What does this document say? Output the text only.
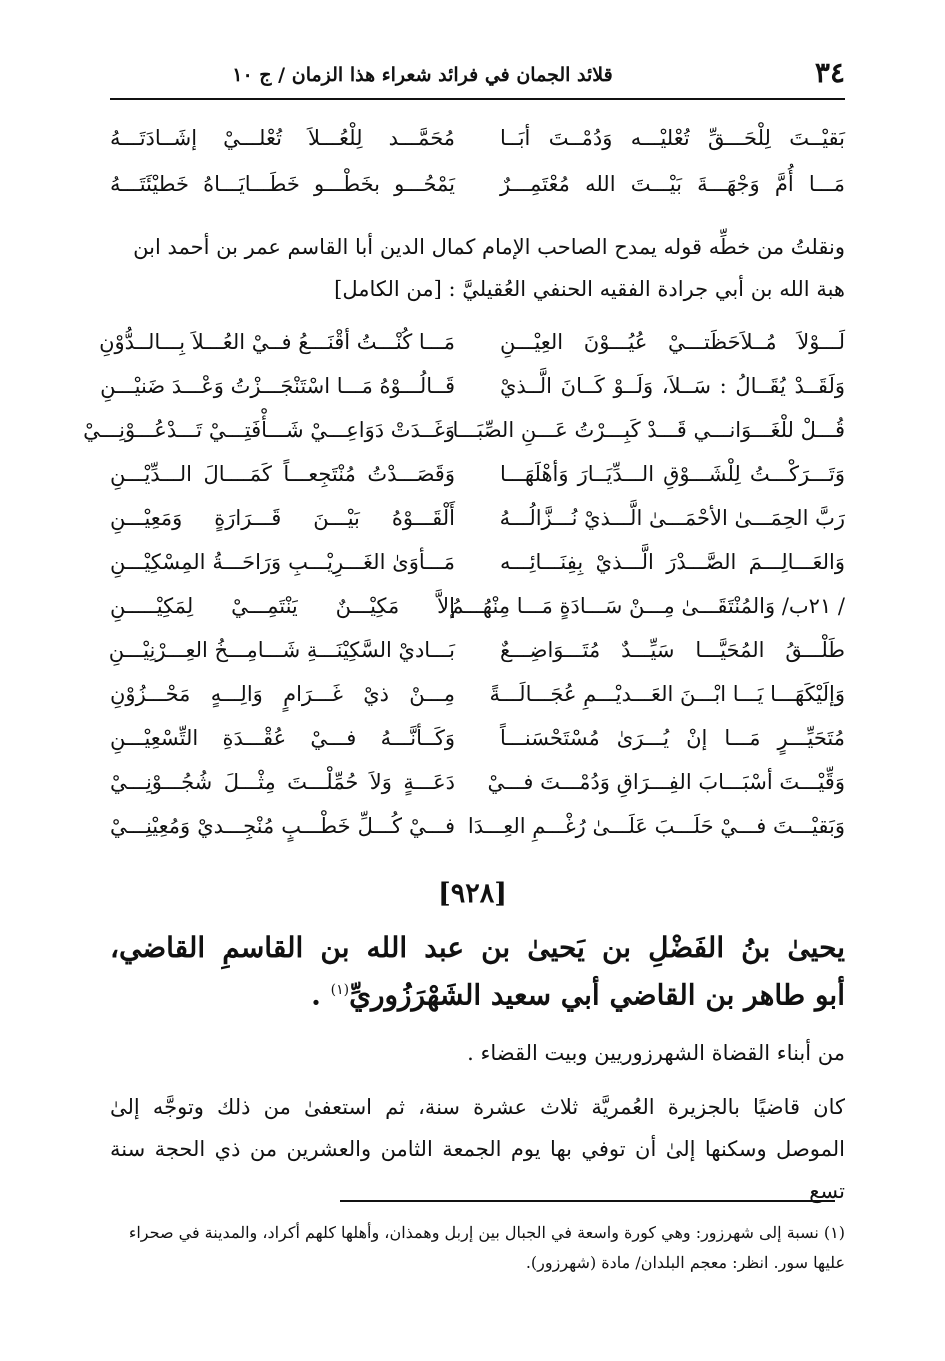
٣٤
قلائد الجمان في فرائد شعراء هذا الزمان / ج ١٠
بَقيْــتَ لِلْحَـــقِّ تُعْليْـــه وَدُمْــتَ أبَــا
مُحَمَّـــد لِلْعُـــلاَ تُعْلـــيْ إشَــادَتَـــهُ
مَـــا أُمَّ وَجْهَـــةَ بَيْـــتَ الله مُعْتَمِـــرٌ
يَمْحُـــو بخَطْـــو خَطَـــايَـــاهُ خَطيْئَتَـــهُ
ونقلتُ من خطِّه قوله يمدح الصاحب الإمام كمال الدين أبا القاسم عمر بن أحمد ابن
هبة الله بن أبي جرادة الفقيه الحنفي العُقيليَّ : [من الكامل]
لَـــوْلاَ مُــلاَحَظَتـــيْ عُيُـــوْنَ العِيْـــنِ
مَـــا كُنْـــتُ أقْنَـــعُ فــيْ العُـــلاَ بِـــالــدُّوْنِ
وَلَقَــدْ يُقَــالُ : سَــلاَ، وَلَــوْ كَــانَ الَّــذيْ
قَــالُـــوْهُ مَـــا اسْتَنْجَـــزْتُ وَعْـــدَ ضَنيْـــنِ
قُـــلْ للْغَـــوَانـــي قَـــدْ كَبِـــرْتُ عَـــنِ الصِّبَـــا
وَغَــدَتْ دَوَاعِـــيْ شَـــأْفَتِـــيْ تَـــدْعُـــوْنِـــيْ
وَتَـــرَكْـــتُ لِلْشَـــوْقِ الـــدِّيَــارَ وَأهْلَهَـــا
وَقَصَـــدْتُ مُنْتَجِعـــاً كَمَــــالَ الـــدِّيْـــنِ
رَبَّ الحِمَـــىٰ الأحْمَـــىٰ الَّـــذيْ نُـــزَّالُـــهُ
أَلْقَـــوْهُ بَيْـــنَ قَـــرَارَةٍ وَمَعِيْـــنِ
وَالعَـــالِـــمَ الصَّـــدْرَ الَّـــذيْ بِفِنَـــائِـــه
مَـــأوَىٰ الغَـــرِيْـــبِ وَرَاحَـــةُ المِسْكِيْـــنِ
/ ٢١ب/ وَالمُنْتَقَـــىٰ مِـــنْ سَـــادَةٍ مَـــا مِنْهُـــمُ
إلاَّ مَكِيْـــنٌ يَنْتَمِـــيْ لِمَكِيْـــــنِ
طَلْـــقُ المُحَيَّـــا سَيِّـــدٌ مُتَـــوَاضِـــعٌ
بَـــاديْ السَّكِيْنَـــةِ شَـــامِـــخُ العِـــرْنِيْـــنِ
وَإلَيْكَهَـــا يَـــا ابْـــنَ العَـــديْـــمِ عُجَـــالَـــةً
مِـــنْ ذيْ غَـــرَامٍ وَالِـــهٍ مَحْـــزُوْنِ
مُتَحَيِّـــرٍ مَـــا إنْ يُـــرَىٰ مُسْتَحْسَنـــاً
وَكَــأنَّـــهُ فـــيْ عُقْـــدَةِ التِّسْعِيْـــنِ
وَقِّيْـــتَ أسْبَـــابَ الفِـــرَاقِ وَدُمْـــتَ فـــيْ
دَعَـــةٍ وَلاَ حُمِّلْـــتَ مِثْـــلَ شُجُـــوْنِـــيْ
وَبَقيْـــتَ فـــيْ حَلَـــبَ عَلَـــىٰ رُغْـــمِ العِـــدَا
فـــيْ كُـــلِّ خَطْـــبٍ مُنْجِـــديْ وَمُعِيْنِـــيْ
[٩٢٨]
يحيىٰ بنُ الفَضْلِ بن يَحيىٰ بن عبد الله بن القاسمِ القاضي،
أبو طاهر بن القاضي أبي سعيد الشَهْرَزُوريِّ$^{(١)}$ .
من أبناء القضاة الشهرزوريين وبيت القضاء .
كان قاضيًا بالجزيرة العُمريَّة ثلاث عشرة سنة، ثم استعفىٰ من ذلك وتوجَّه إلىٰ
الموصل وسكنها إلىٰ أن توفي بها يوم الجمعة الثامن والعشرين من ذي الحجة سنة تسع
(١) نسبة إلى شهرزور: وهي كورة واسعة في الجبال بين إربل وهمذان، وأهلها كلهم أكراد، والمدينة في صحراء
عليها سور. انظر: معجم البلدان/ مادة (شهرزور).
